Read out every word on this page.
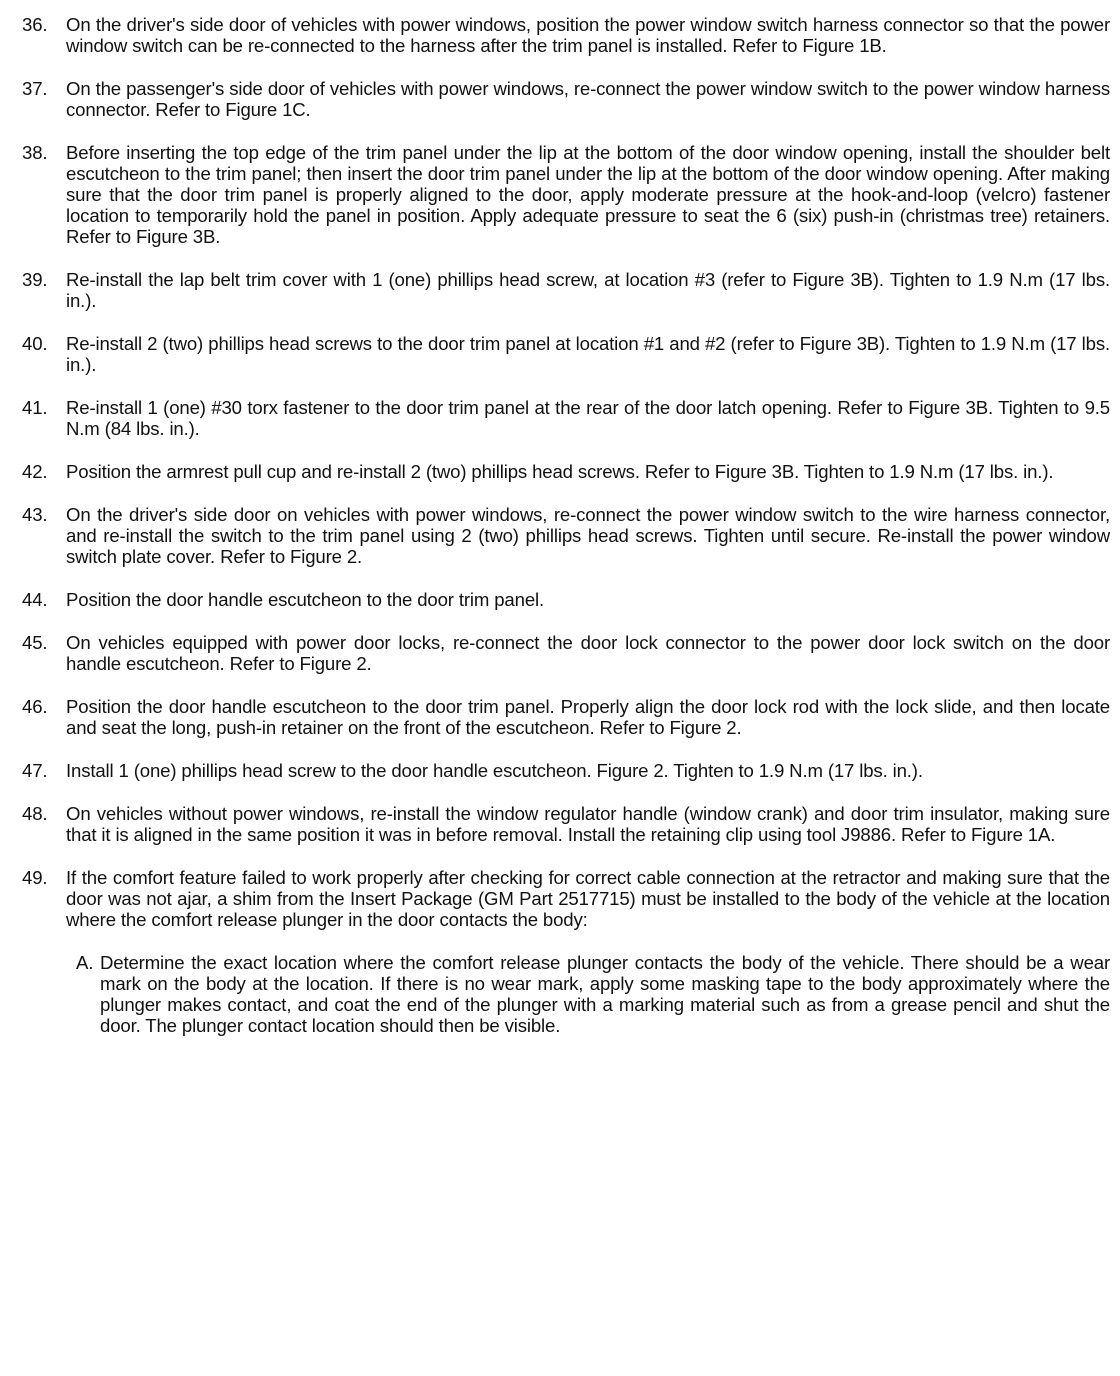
36. On the driver's side door of vehicles with power windows, position the power window switch harness connector so that the power window switch can be re-connected to the harness after the trim panel is installed. Refer to Figure 1B.
37. On the passenger's side door of vehicles with power windows, re-connect the power window switch to the power window harness connector. Refer to Figure 1C.
38. Before inserting the top edge of the trim panel under the lip at the bottom of the door window opening, install the shoulder belt escutcheon to the trim panel; then insert the door trim panel under the lip at the bottom of the door window opening. After making sure that the door trim panel is properly aligned to the door, apply moderate pressure at the hook-and-loop (velcro) fastener location to temporarily hold the panel in position. Apply adequate pressure to seat the 6 (six) push-in (christmas tree) retainers. Refer to Figure 3B.
39. Re-install the lap belt trim cover with 1 (one) phillips head screw, at location #3 (refer to Figure 3B). Tighten to 1.9 N.m (17 lbs. in.).
40. Re-install 2 (two) phillips head screws to the door trim panel at location #1 and #2 (refer to Figure 3B). Tighten to 1.9 N.m (17 lbs. in.).
41. Re-install 1 (one) #30 torx fastener to the door trim panel at the rear of the door latch opening. Refer to Figure 3B. Tighten to 9.5 N.m (84 lbs. in.).
42. Position the armrest pull cup and re-install 2 (two) phillips head screws. Refer to Figure 3B. Tighten to 1.9 N.m (17 lbs. in.).
43. On the driver's side door on vehicles with power windows, re-connect the power window switch to the wire harness connector, and re-install the switch to the trim panel using 2 (two) phillips head screws. Tighten until secure. Re-install the power window switch plate cover. Refer to Figure 2.
44. Position the door handle escutcheon to the door trim panel.
45. On vehicles equipped with power door locks, re-connect the door lock connector to the power door lock switch on the door handle escutcheon. Refer to Figure 2.
46. Position the door handle escutcheon to the door trim panel. Properly align the door lock rod with the lock slide, and then locate and seat the long, push-in retainer on the front of the escutcheon. Refer to Figure 2.
47. Install 1 (one) phillips head screw to the door handle escutcheon. Figure 2. Tighten to 1.9 N.m (17 lbs. in.).
48. On vehicles without power windows, re-install the window regulator handle (window crank) and door trim insulator, making sure that it is aligned in the same position it was in before removal. Install the retaining clip using tool J9886. Refer to Figure 1A.
49. If the comfort feature failed to work properly after checking for correct cable connection at the retractor and making sure that the door was not ajar, a shim from the Insert Package (GM Part 2517715) must be installed to the body of the vehicle at the location where the comfort release plunger in the door contacts the body:
A. Determine the exact location where the comfort release plunger contacts the body of the vehicle. There should be a wear mark on the body at the location. If there is no wear mark, apply some masking tape to the body approximately where the plunger makes contact, and coat the end of the plunger with a marking material such as from a grease pencil and shut the door. The plunger contact location should then be visible.
